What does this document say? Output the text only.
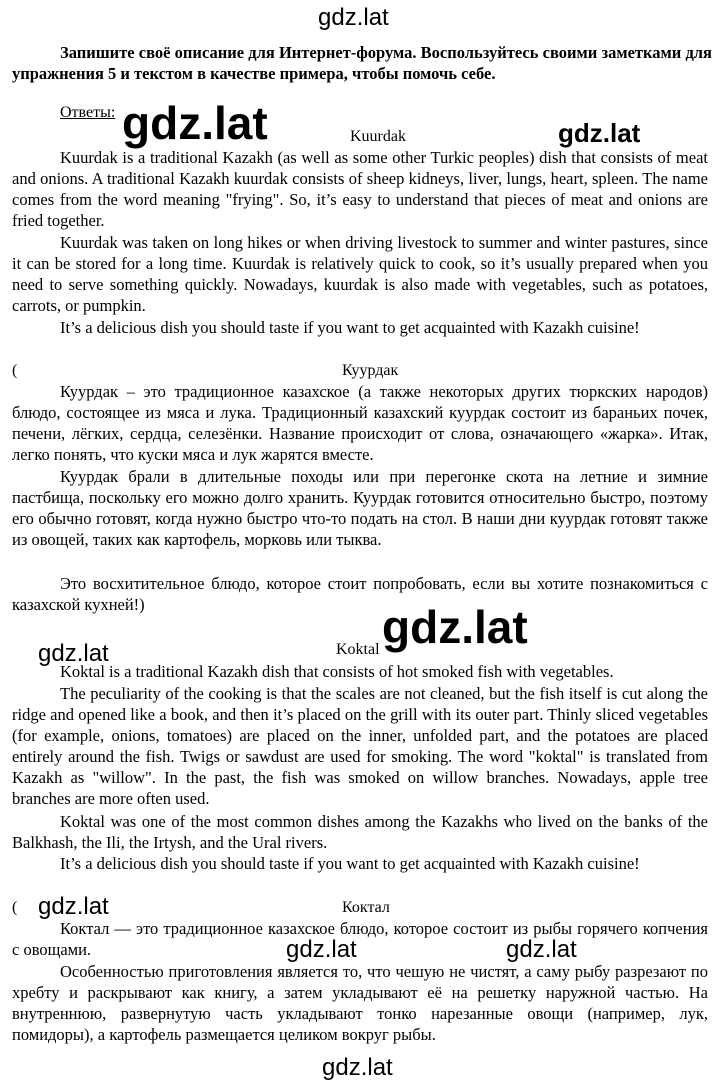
gdz.lat
Запишите своё описание для Интернет-форума. Воспользуйтесь своими заметками для упражнения 5 и текстом в качестве примера, чтобы помочь себе.
Ответы: gdz.lat	gdz.lat
Kuurdak

Kuurdak is a traditional Kazakh (as well as some other Turkic peoples) dish that consists of meat and onions. A traditional Kazakh kuurdak consists of sheep kidneys, liver, lungs, heart, spleen. The name comes from the word meaning "frying". So, it’s easy to understand that pieces of meat and onions are fried together.

Kuurdak was taken on long hikes or when driving livestock to summer and winter pastures, since it can be stored for a long time. Kuurdak is relatively quick to cook, so it’s usually prepared when you need to serve something quickly. Nowadays, kuurdak is also made with vegetables, such as potatoes, carrots, or pumpkin.

It’s a delicious dish you should taste if you want to get acquainted with Kazakh cuisine!

(	Куурдак

Куурдак – это традиционное казахское (а также некоторых других тюркских народов) блюдо, состоящее из мяса и лука. Традиционный казахский куурдак состоит из бараньих почек, печени, лёгких, сердца, селезёнки. Название происходит от слова, означающего «жарка». Итак, легко понять, что куски мяса и лук жарятся вместе.

Куурдак брали в длительные походы или при перегонке скота на летние и зимние пастбища, поскольку его можно долго хранить. Куурдак готовится относительно быстро, поэтому его обычно готовят, когда нужно быстро что-то подать на стол. В наши дни куурдак готовят также из овощей, таких как картофель, морковь или тыква.

Это восхитительное блюдо, которое стоит попробовать, если вы хотите познакомиться с казахской кухней!)	gdz.lat
gdz.lat	Koktal

Koktal is a traditional Kazakh dish that consists of hot smoked fish with vegetables.

The peculiarity of the cooking is that the scales are not cleaned, but the fish itself is cut along the ridge and opened like a book, and then it’s placed on the grill with its outer part. Thinly sliced vegetables (for example, onions, tomatoes) are placed on the inner, unfolded part, and the potatoes are placed entirely around the fish. Twigs or sawdust are used for smoking. The word "koktal" is translated from Kazakh as "willow". In the past, the fish was smoked on willow branches. Nowadays, apple tree branches are more often used.

Koktal was one of the most common dishes among the Kazakhs who lived on the banks of the Balkhash, the Ili, the Irtysh, and the Ural rivers.

It’s a delicious dish you should taste if you want to get acquainted with Kazakh cuisine!

( gdz.lat	Коктал

Коктал — это традиционное казахское блюдо, которое состоит из рыбы горячего копчения с овощами.	gdz.lat	gdz.lat

Особенностью приготовления является то, что чешую не чистят, а саму рыбу разрезают по хребту и раскрывают как книгу, а затем укладывают её на решетку наружной частью. На внутреннюю, развернутую часть укладывают тонко нарезанные овощи (например, лук, помидоры), а картофель размещается целиком вокруг рыбы.

gdz.lat
